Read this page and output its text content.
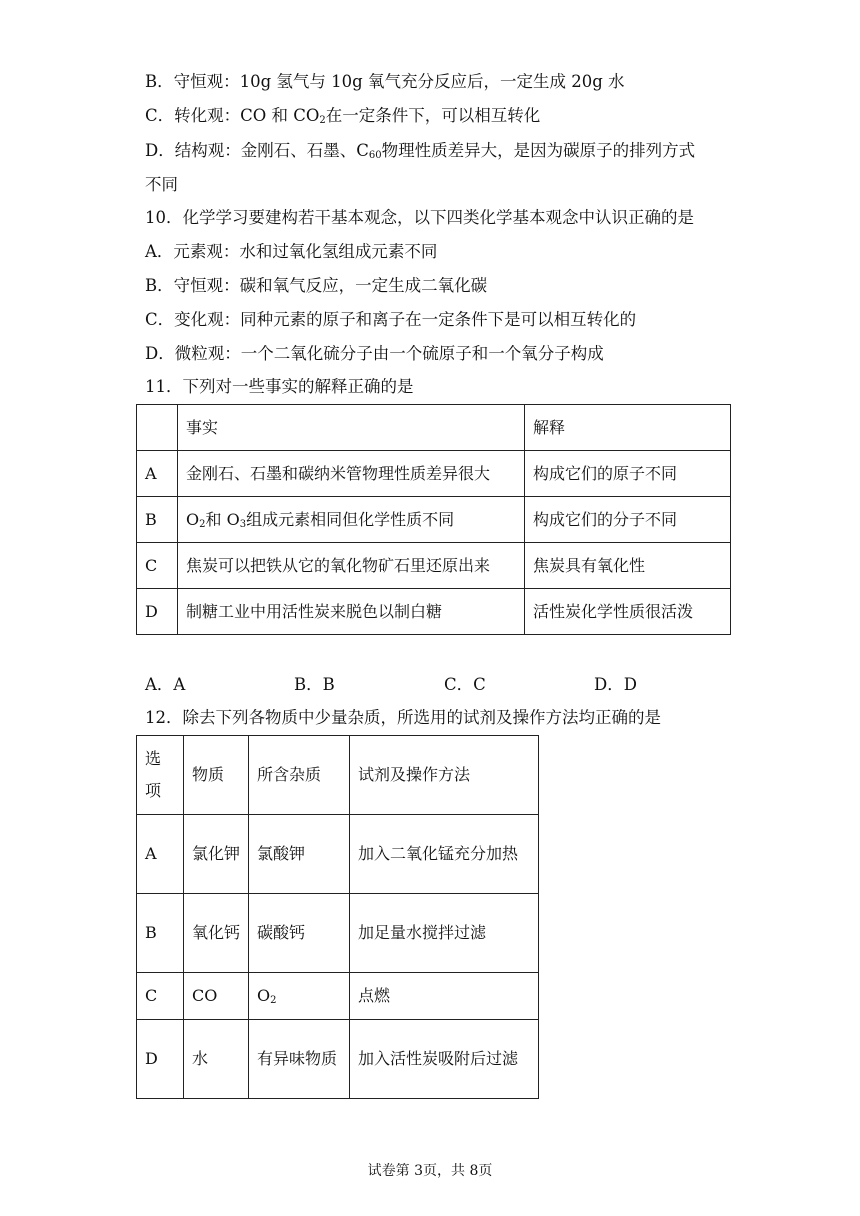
B．守恒观：10g 氢气与 10g 氧气充分反应后，一定生成 20g 水
C．转化观：CO 和 $CO_2$在一定条件下，可以相互转化
D．结构观：金刚石、石墨、$C_{60}$物理性质差异大，是因为碳原子的排列方式
不同
10．化学学习要建构若干基本观念，以下四类化学基本观念中认识正确的是
A．元素观：水和过氧化氢组成元素不同
B．守恒观：碳和氧气反应，一定生成二氧化碳
C．变化观：同种元素的原子和离子在一定条件下是可以相互转化的
D．微粒观：一个二氧化硫分子由一个硫原子和一个氧分子构成
11．下列对一些事实的解释正确的是
	事实	解释
A	金刚石、石墨和碳纳米管物理性质差异很大	构成它们的原子不同
B	$O_2$和 $O_3$组成元素相同但化学性质不同	构成它们的分子不同
C	焦炭可以把铁从它的氧化物矿石里还原出来	焦炭具有氧化性
D	制糖工业中用活性炭来脱色以制白糖	活性炭化学性质很活泼
A．A	B．B	C．C	D．D
12．除去下列各物质中少量杂质，所选用的试剂及操作方法均正确的是
选项	物质	所含杂质	试剂及操作方法
A	氯化钾	氯酸钾	加入二氧化锰充分加热
B	氧化钙	碳酸钙	加足量水搅拌过滤
C	CO	$O_2$	点燃
D	水	有异味物质	加入活性炭吸附后过滤
试卷第 3页，共 8页
